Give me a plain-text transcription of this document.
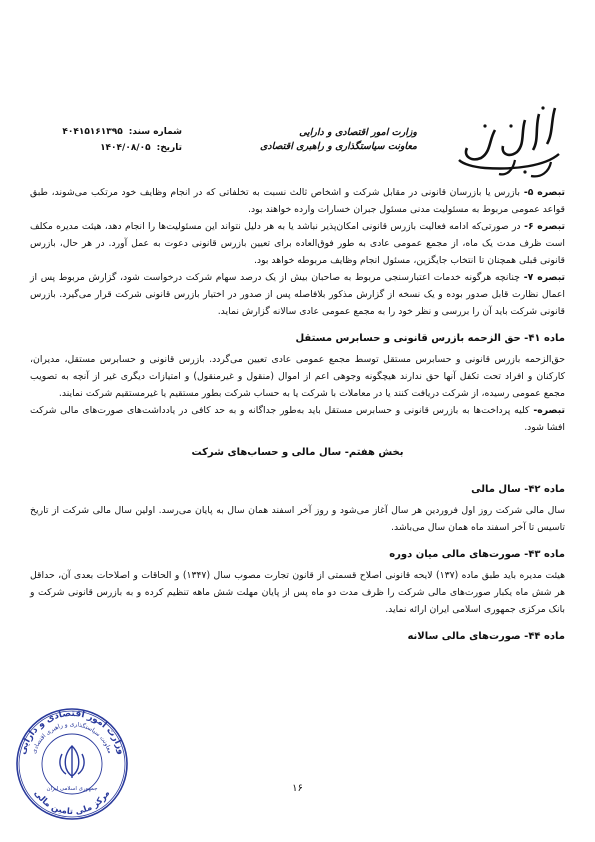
وزارت امور اقتصادی و دارایی
معاونت سیاستگذاری و راهبری اقتصادی
شماره سند:
۴۰۴۱۵۱۶۱۳۹۵
تاریخ:
۱۴۰۴/۰۸/۰۵

تبصره ۵- بازرس یا بازرسان قانونی در مقابل شرکت و اشخاص ثالث نسبت به تخلفاتی که در انجام وظایف خود مرتکب می‌شوند، طبق قواعد عمومی مربوط به مسئولیت مدنی مسئول جبران خسارات وارده خواهند بود.

تبصره ۶- در صورتی‌که ادامه فعالیت بازرس قانونی امکان‌پذیر نباشد یا به هر دلیل نتواند این مسئولیت‌ها را انجام دهد، هیئت مدیره مکلف است ظرف مدت یک ماه، از مجمع عمومی عادی به طور فوق‌العاده برای تعیین بازرس قانونی دعوت به عمل آورد. در هر حال، بازرس قانونی قبلی همچنان تا انتخاب جایگزین، مسئول انجام وظایف مربوطه خواهد بود.

تبصره ۷- چنانچه هرگونه خدمات اعتبارسنجی مربوط به صاحبان بیش از یک درصد سهام شرکت درخواست شود، گزارش مربوط پس از اعمال نظارت قابل صدور بوده و یک نسخه از گزارش مذکور بلافاصله پس از صدور در اختیار بازرس قانونی شرکت قرار می‌گیرد. بازرس قانونی شرکت باید آن را بررسی و نظر خود را به مجمع عمومی عادی سالانه گزارش نماید.

ماده ۴۱- حق الزحمه بازرس قانونی و حسابرس مستقل

حق‌الزحمه بازرس قانونی و حسابرس مستقل توسط مجمع عمومی عادی تعیین می‌گردد. بازرس قانونی و حسابرس مستقل، مدیران، کارکنان و افراد تحت تکفل آنها حق ندارند هیچگونه وجوهی اعم از اموال (منقول و غیرمنقول) و امتیازات دیگری غیر از آنچه به تصویب مجمع عمومی رسیده، از شرکت دریافت کنند یا در معاملات با شرکت یا به حساب شرکت بطور مستقیم یا غیرمستقیم شرکت نمایند.

تبصره- کلیه پرداخت‌ها به بازرس قانونی و حسابرس مستقل باید به‌طور جداگانه و به حد کافی در یادداشت‌های صورت‌های مالی شرکت افشا شود.

بخش هفتم- سال مالی و حساب‌های شرکت
ماده ۴۲- سال مالی

سال مالی شرکت روز اول فروردین هر سال آغاز می‌شود و روز آخر اسفند همان سال به پایان می‌رسد. اولین سال مالی شرکت از تاریخ تاسیس تا آخر اسفند ماه همان سال می‌باشد.

ماده ۴۳- صورت‌های مالی میان دوره

هیئت مدیره باید طبق ماده (۱۳۷) لایحه قانونی اصلاح قسمتی از قانون تجارت مصوب سال (۱۳۴۷) و الحاقات و اصلاحات بعدی آن، حداقل هر شش ماه یکبار صورت‌های مالی شرکت را ظرف مدت دو ماه پس از پایان مهلت شش ماهه تنظیم کرده و به بازرس قانونی شرکت و بانک مرکزی جمهوری اسلامی ایران ارائه نماید.

ماده ۴۴- صورت‌های مالی سالانه
۱۶
وزارت امور اقتصادی و دارایی
معاونت سیاستگذاری و راهبری اقتصادی
مرکز ملی تامین مالی
جمهوری اسلامی ایران
